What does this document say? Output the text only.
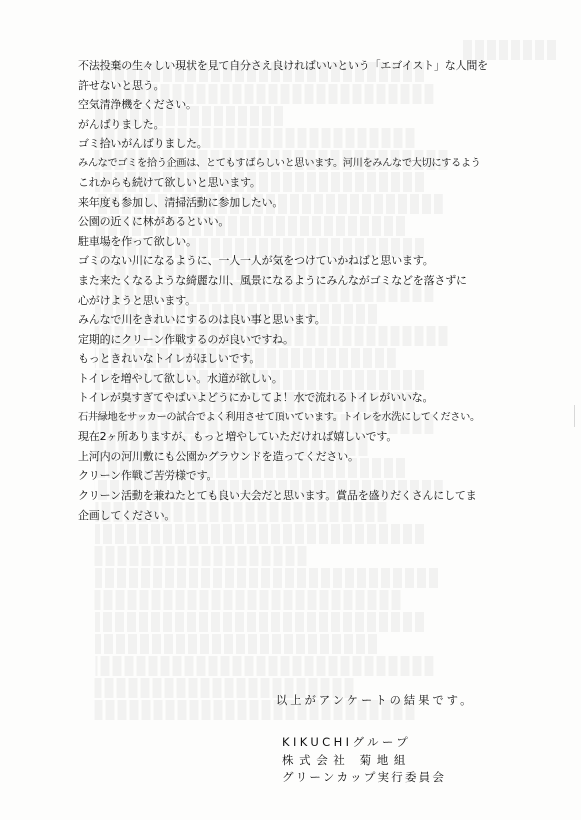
不法投棄の生々しい現状を見て自分さえ良ければいいという「エゴイスト」な人間を
許せないと思う。
空気清浄機をください。
がんばりました。
ゴミ拾いがんばりました。
みんなでゴミを拾う企画は、とてもすばらしいと思います。河川をみんなで大切にするよう
これからも続けて欲しいと思います。
来年度も参加し、清掃活動に参加したい。
公園の近くに林があるといい。
駐車場を作って欲しい。
ゴミのない川になるように、一人一人が気をつけていかねばと思います。
また来たくなるような綺麗な川、風景になるようにみんながゴミなどを落さずに
心がけようと思います。
みんなで川をきれいにするのは良い事と思います。
定期的にクリーン作戦するのが良いですね。
もっときれいなトイレがほしいです。
トイレを増やして欲しい。水道が欲しい。
トイレが臭すぎてやばいよどうにかしてよ！水で流れるトイレがいいな。
石井緑地をサッカーの試合でよく利用させて頂いています。トイレを水洗にしてください。
現在2ヶ所ありますが、もっと増やしていただければ嬉しいです。
上河内の河川敷にも公園かグラウンドを造ってください。
クリーン作戦ご苦労様です。
クリーン活動を兼ねたとても良い大会だと思います。賞品を盛りだくさんにしてま
企画してください。
以上がアンケートの結果です。
KIKUCHIグループ
株式会社 菊地組
グリーンカップ実行委員会
